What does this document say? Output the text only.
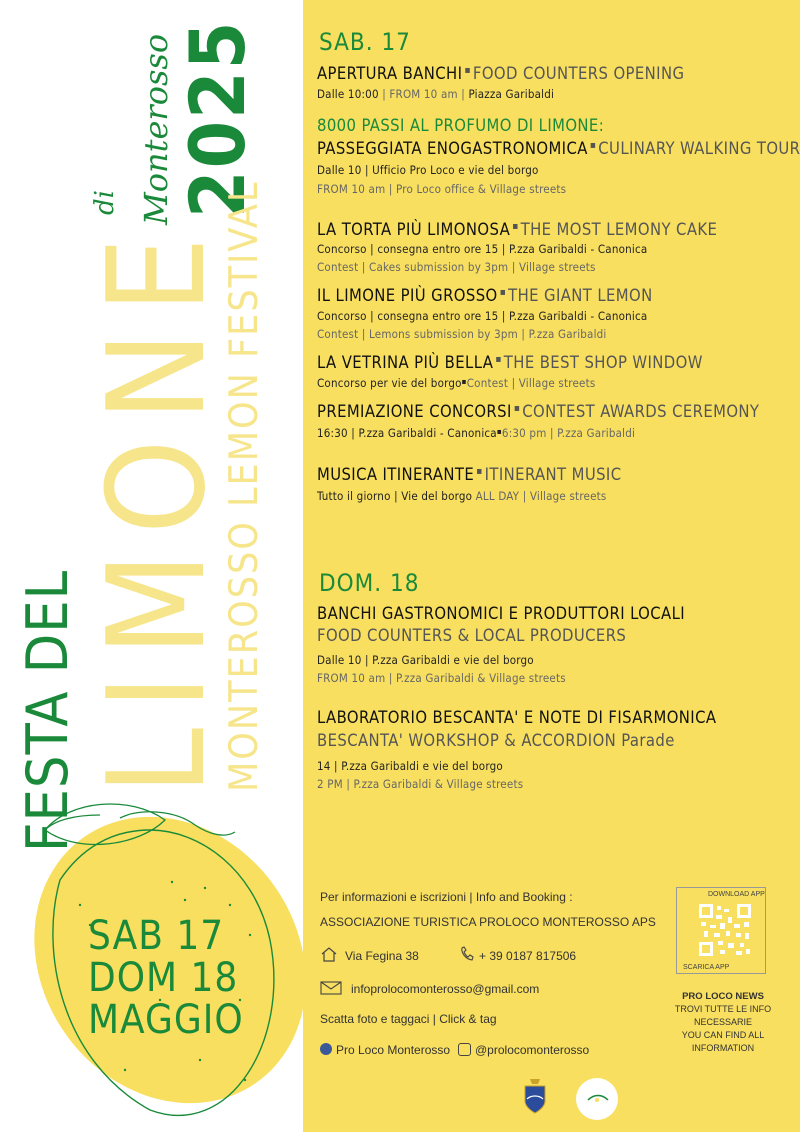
FESTA DEL
LIMONE
di Monterosso
2025
MONTEROSSO LEMON FESTIVAL
SAB 17
DOM 18
MAGGIO
SAB. 17
APERTURA BANCHI ▪ FOOD COUNTERS OPENING
Dalle 10:00 | FROM 10 am | Piazza Garibaldi
8000 PASSI AL PROFUMO DI LIMONE:
PASSEGGIATA ENOGASTRONOMICA ▪ CULINARY WALKING TOUR
Dalle 10 | Ufficio Pro Loco e vie del borgo
FROM 10 am | Pro Loco office & Village streets
LA TORTA PIÙ LIMONOSA ▪ THE MOST LEMONY CAKE
Concorso | consegna entro ore 15 | P.zza Garibaldi - Canonica
Contest | Cakes submission by 3pm | Village streets
IL LIMONE PIÙ GROSSO ▪ THE GIANT LEMON
Concorso | consegna entro ore 15 | P.zza Garibaldi - Canonica
Contest | Lemons submission by 3pm | P.zza Garibaldi
LA VETRINA PIÙ BELLA ▪ THE BEST SHOP WINDOW
Concorso per vie del borgo▪Contest | Village streets
PREMIAZIONE CONCORSI ▪ CONTEST AWARDS CEREMONY
16:30 | P.zza Garibaldi - Canonica▪6:30 pm | P.zza Garibaldi
MUSICA ITINERANTE ▪ ITINERANT MUSIC
Tutto il giorno | Vie del borgo ALL DAY | Village streets
DOM. 18
BANCHI GASTRONOMICI E PRODUTTORI LOCALI
FOOD COUNTERS & LOCAL PRODUCERS
Dalle 10 | P.zza Garibaldi e vie del borgo
FROM 10 am | P.zza Garibaldi & Village streets
LABORATORIO BESCANTA' E NOTE DI FISARMONICA
BESCANTA' WORKSHOP & ACCORDION Parade
14 | P.zza Garibaldi e vie del borgo
2 PM | P.zza Garibaldi & Village streets
Per informazioni e iscrizioni | Info and Booking :
ASSOCIAZIONE TURISTICA PROLOCO MONTEROSSO APS
Via Fegina 38	+ 39 0187 817506
infoprolocomonterosso@gmail.com
Scatta foto e taggaci | Click & tag
Pro Loco Monterosso @prolocomonterosso
DOWNLOAD APP
SCARICA APP
PRO LOCO NEWS
TROVI TUTTE LE INFO
NECESSARIE
YOU CAN FIND ALL
INFORMATION
